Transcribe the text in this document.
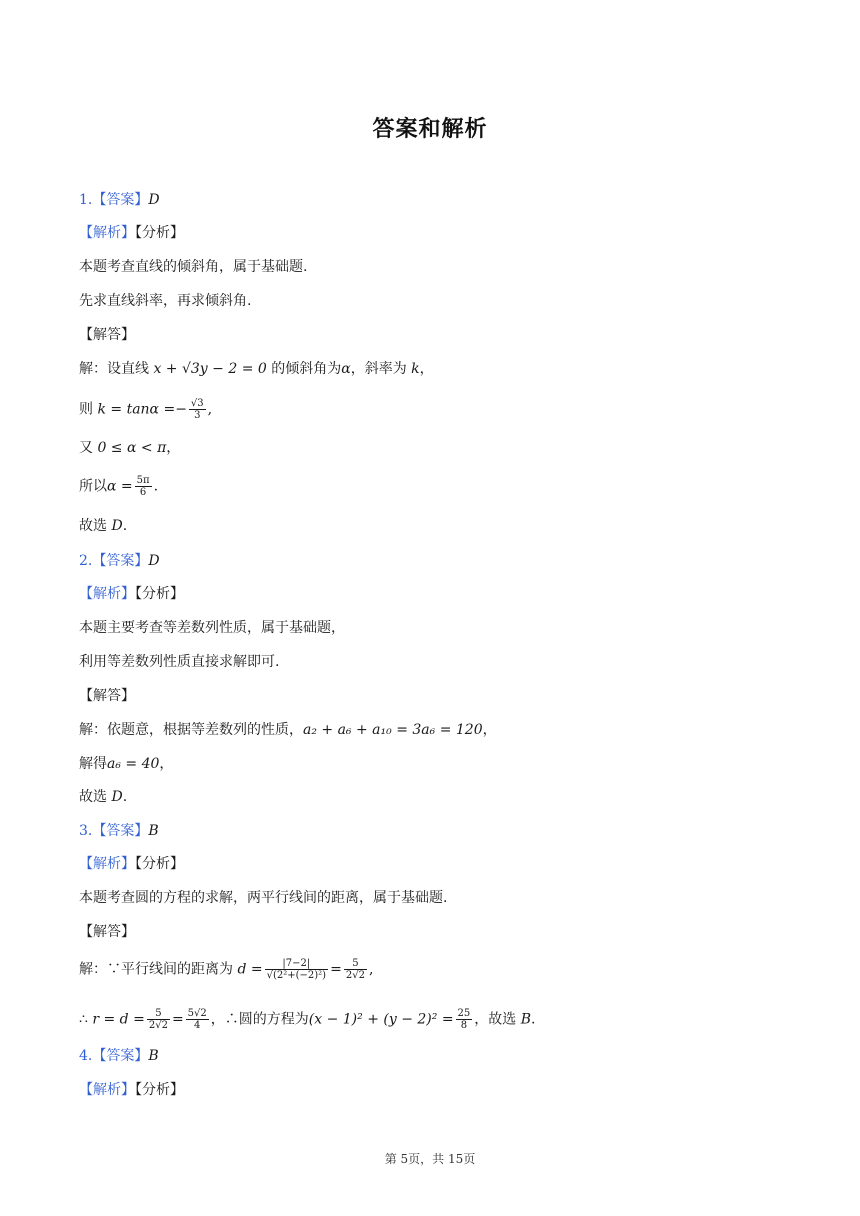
答案和解析
1.【答案】D
【解析】【分析】
本题考查直线的倾斜角，属于基础题.
先求直线斜率，再求倾斜角.
【解答】
解：设直线 x + √3y − 2 = 0 的倾斜角为α，斜率为 k，
则 $k = \tan\alpha =- \frac{√3}{3}$ ,
又 0 ≤ α < π，
所以$\alpha = \frac{5\pi}{6}$ .
故选 D.
2.【答案】D
【解析】【分析】
本题主要考查等差数列性质，属于基础题，
利用等差数列性质直接求解即可.
【解答】
解：依题意，根据等差数列的性质，a₂ + a₆ + a₁₀ = 3a₆ = 120，
解得a₆ = 40，
故选 D.
3.【答案】B
【解析】【分析】
本题考查圆的方程的求解，两平行线间的距离，属于基础题.
【解答】
解：∵平行线间的距离为 $d = \frac{|7-2|}{\text{√(2²+(−2)²)}} = \frac{5}{2√2}$ ,
∴ $r = d = \frac{5}{2√2} = \frac{5√2}{4}$ ，∴圆的方程为$(x - 1)^2 + (y - 2)^2 = \frac{25}{8}$ ，故选 B.
4.【答案】B
【解析】【分析】
第 5页，共 15页
